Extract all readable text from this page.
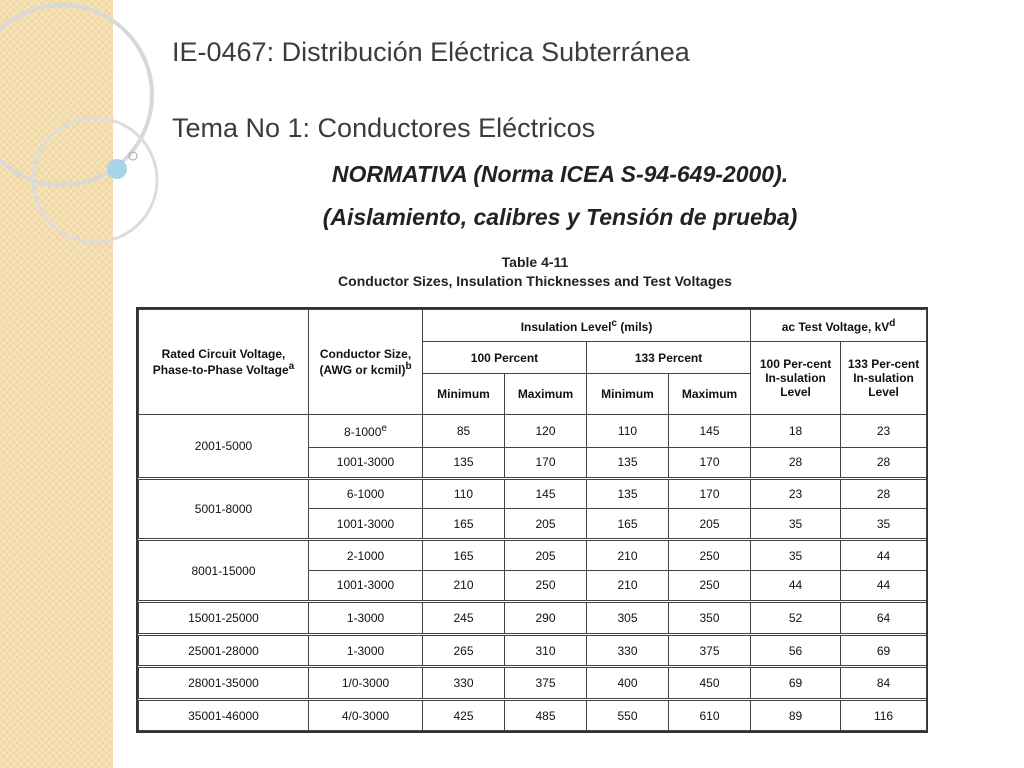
IE-0467: Distribución Eléctrica Subterránea
Tema No 1: Conductores Eléctricos
NORMATIVA (Norma ICEA S-94-649-2000).
(Aislamiento, calibres y Tensión de prueba)
Table 4-11
Conductor Sizes, Insulation Thicknesses and Test Voltages
Rated Circuit Voltage, Phase-to-Phase Voltage$^a$	Conductor Size, (AWG or kcmil)$^b$	Insulation Level$^c$ (mils)				ac Test Voltage, $kV^d$
		100 Percent		133 Percent		100 Per-cent In-sulation Level	133 Per-cent In-sulation Level
		Minimum	Maximum	Minimum	Maximum		
2001-5000	8-1000e	85	120	110	145	18	23
	1001-3000	135	170	135	170	28	28
5001-8000	6-1000	110	145	135	170	23	28
	1001-3000	165	205	165	205	35	35
8001-15000	2-1000	165	205	210	250	35	44
	1001-3000	210	250	210	250	44	44
15001-25000	1-3000	245	290	305	350	52	64
25001-28000	1-3000	265	310	330	375	56	69
28001-35000	1/0-3000	330	375	400	450	69	84
35001-46000	4/0-3000	425	485	550	610	89	116
